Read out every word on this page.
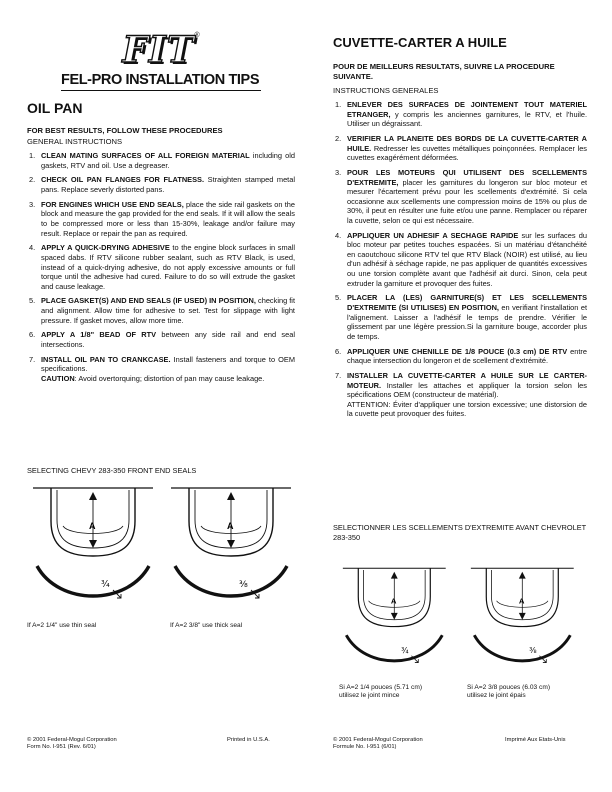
FIT®
FEL-PRO INSTALLATION TIPS
OIL PAN
FOR BEST RESULTS, FOLLOW THESE PROCEDURES
GENERAL INSTRUCTIONS
1. CLEAN MATING SURFACES OF ALL FOREIGN MATERIAL including old gaskets, RTV and oil. Use a degreaser.
2. CHECK OIL PAN FLANGES FOR FLATNESS. Straighten stamped metal pans. Replace severly distorted pans.
3. FOR ENGINES WHICH USE END SEALS, place the side rail gaskets on the block and measure the gap provided for the end seals. If it will allow the seals to be compressed more or less than 15-30%, leakage and/or failure may result. Replace or repair the pan as required.
4. APPLY A QUICK-DRYING ADHESIVE to the engine block surfaces in small spaced dabs. If RTV silicone rubber sealant, such as RTV Black, is used, instead of a quick-drying adhesive, do not apply excessive amounts or full torque until the adhesive had cured. Failure to do so will extrude the gasket and cause leakage.
5. PLACE GASKET(S) AND END SEALS (IF USED) IN POSITION, checking fit and alignment. Allow time for adhesive to set. Test for slippage with light pressure. If gasket moves, allow more time.
6. APPLY A 1/8" BEAD OF RTV between any side rail and end seal intersections.
7. INSTALL OIL PAN TO CRANKCASE. Install fasteners and torque to OEM specifications.
CAUTION: Avoid overtorquing; distortion of pan may cause leakage.
SELECTING CHEVY 283-350 FRONT END SEALS
A
¾
A
⅜
If A=2 1/4" use thin seal	If A=2 3/8" use thick seal
© 2001 Federal-Mogul Corporation
Form No. I-951 (Rev. 6/01)
Printed in U.S.A.
CUVETTE-CARTER A HUILE
POUR DE MEILLEURS RESULTATS, SUIVRE LA PROCEDURE SUIVANTE.
INSTRUCTIONS GENERALES
1. ENLEVER DES SURFACES DE JOINTEMENT TOUT MATERIEL ETRANGER, y compris les anciennes garnitures, le RTV, et l'huile. Utiliser un dégraissant.
2. VERIFIER LA PLANEITE DES BORDS DE LA CUVETTE-CARTER A HUILE. Redresser les cuvettes métalliques poinçonnées. Remplacer les cuvettes exagérément déformées.
3. POUR LES MOTEURS QUI UTILISENT DES SCELLEMENTS D'EXTREMITE, placer les garnitures du longeron sur bloc moteur et mesurer l'écartement prévu pour les scellements d'extrémité. Si cela occasionne aux scellements une compression moins de 15% ou plus de 30%, il peut en résulter une fuite et/ou une panne. Remplacer ou réparer la cuvette, selon ce qui est nécessaire.
4. APPLIQUER UN ADHESIF A SECHAGE RAPIDE sur les surfaces du bloc moteur par petites touches espacées. Si un matériau d'étanchéité en caoutchouc silicone RTV tel que RTV Black (NOIR) est utilisé, au lieu d'un adhésif à séchage rapide, ne pas appliquer de quantités excessives ou une torsion complète avant que l'adhésif ait durci. Sinon, cela peut extruder la garniture et provoquer des fuites.
5. PLACER LA (LES) GARNITURE(S) ET LES SCELLEMENTS D'EXTREMITE (SI UTILISES) EN POSITION, en verifiant l'installation et l'alignement. Laisser a l'adhésif le temps de prendre. Vérifier le glissement par une légère pression.Si la garniture bouge, accorder plus de temps.
6. APPLIQUER UNE CHENILLE DE 1/8 POUCE (0.3 cm) DE RTV entre chaque intersection du longeron et de scellement d'extrémité.
7. INSTALLER LA CUVETTE-CARTER A HUILE SUR LE CARTER-MOTEUR. Installer les attaches et appliquer la torsion selon les spécifications OEM (constructeur de matérial).
ATTENTION: Éviter d'appliquer une torsion excessive; une distorsion de la cuvette peut provoquer des fuites.
SELECTIONNER LES SCELLEMENTS D'EXTREMITE AVANT CHEVROLET 283-350
A
¾
A
⅜
Si A=2 1/4 pouces (5.71 cm)
utilisez le joint mince
Si A=2 3/8 pouces (6.03 cm)
utilisez le joint épais
© 2001 Federal-Mogul Corporation
Formule No. I-951 (6/01)
Imprimé Aux Etats-Unis
